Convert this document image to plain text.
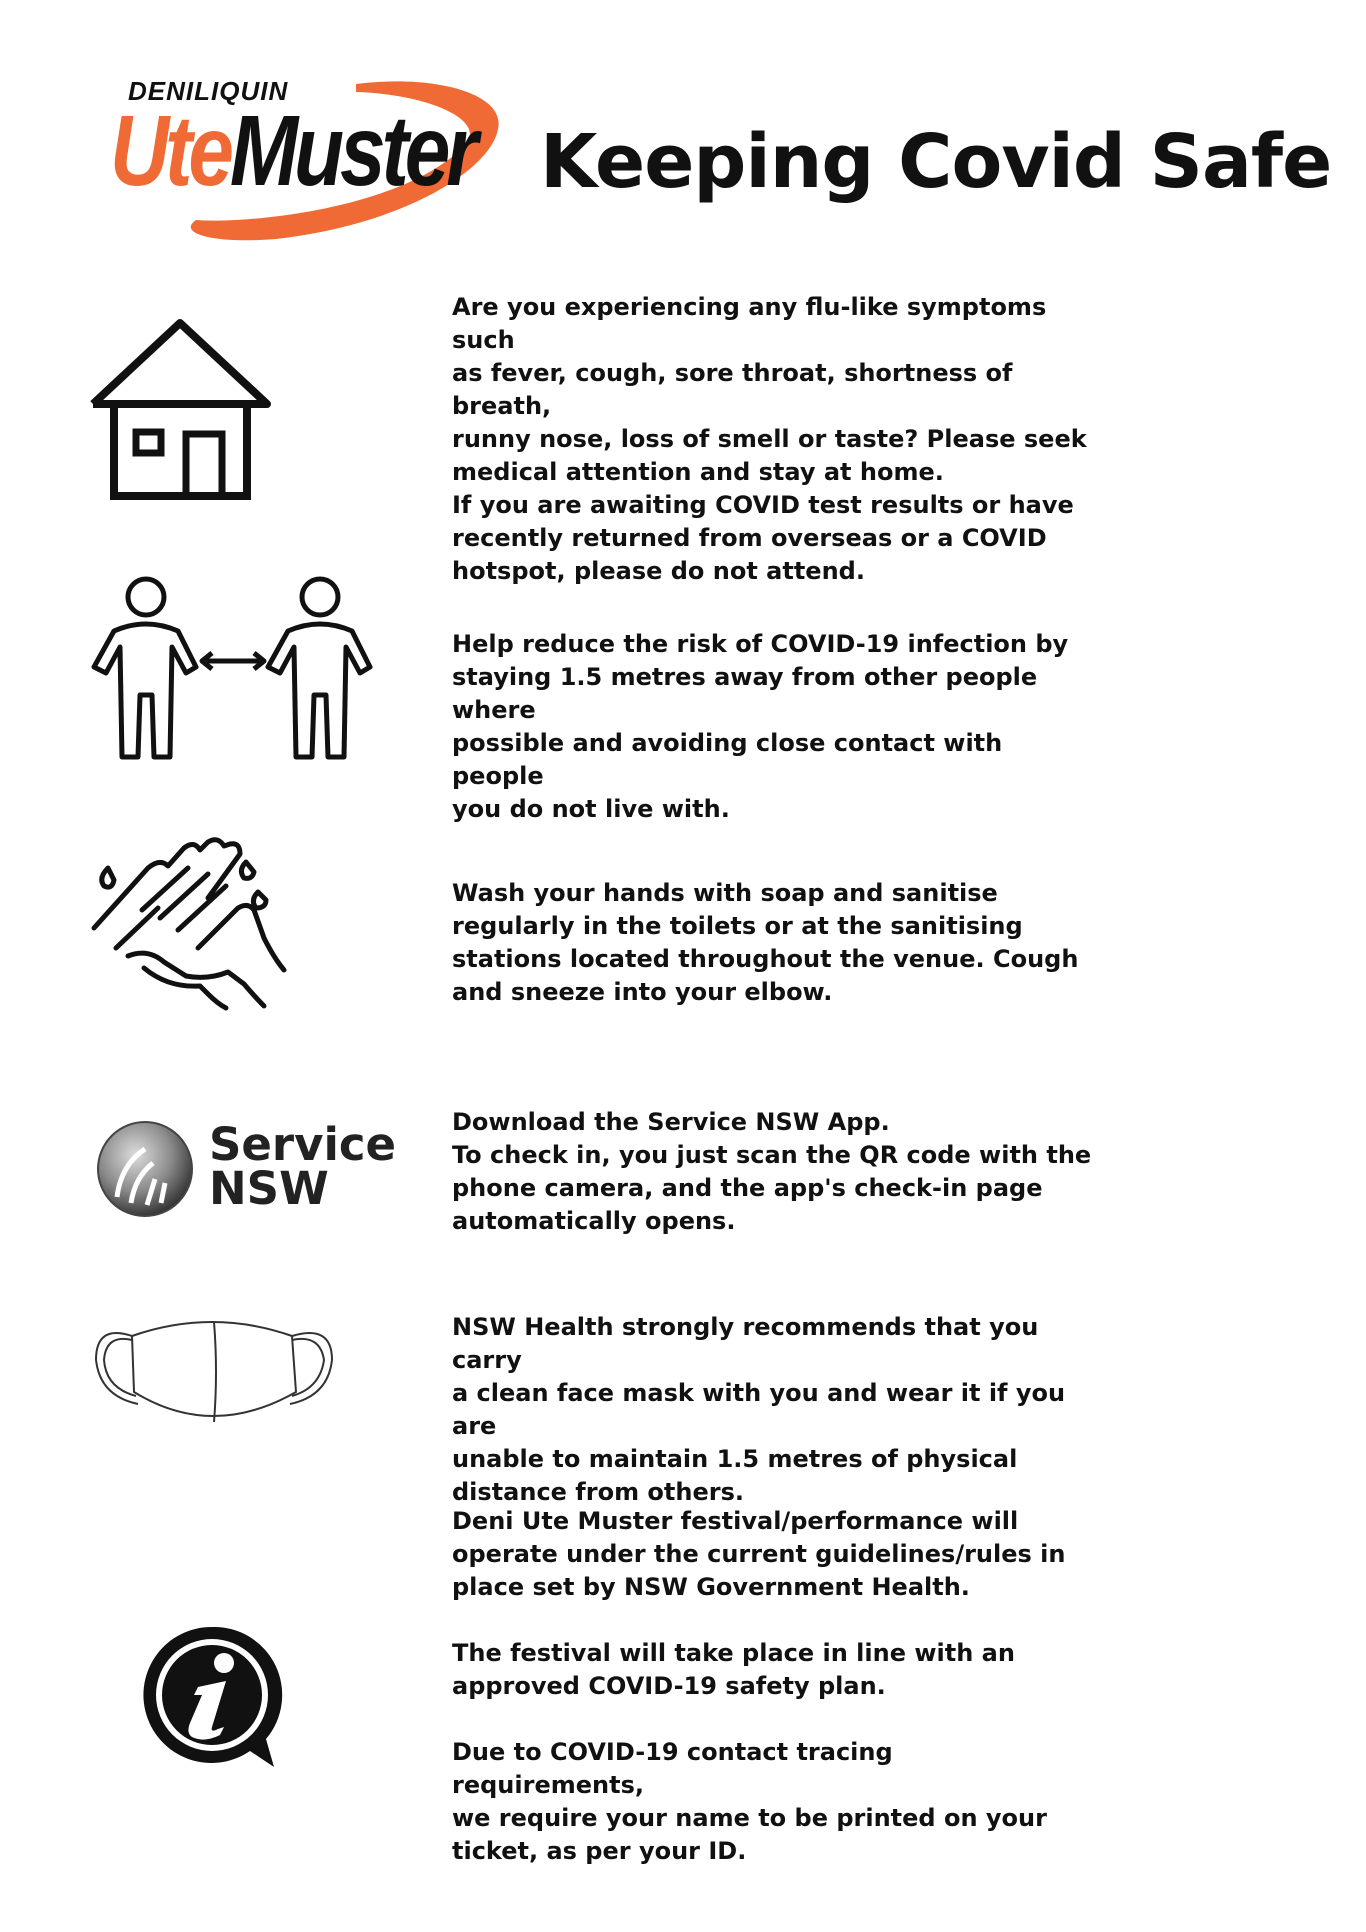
DENILIQUIN
UteMuster Keeping Covid Safe

Are you experiencing any flu-like symptoms such

as fever, cough, sore throat, shortness of breath,

runny nose, loss of smell or taste? Please seek

medical attention and stay at home.

If you are awaiting COVID test results or have

recently returned from overseas or a COVID

hotspot, please do not attend.

Help reduce the risk of COVID-19 infection by

staying 1.5 metres away from other people where

possible and avoiding close contact with people

you do not live with.

Wash your hands with soap and sanitise

regularly in the toilets or at the sanitising

stations located throughout the venue. Cough

and sneeze into your elbow.

Service
NSW

Download the Service NSW App.

To check in, you just scan the QR code with the

phone camera, and the app's check-in page

automatically opens.

NSW Health strongly recommends that you carry

a clean face mask with you and wear it if you are

unable to maintain 1.5 metres of physical

distance from others.

Deni Ute Muster festival/performance will

operate under the current guidelines/rules in

place set by NSW Government Health.

The festival will take place in line with an

approved COVID-19 safety plan.

Due to COVID-19 contact tracing requirements,

we require your name to be printed on your

ticket, as per your ID.
